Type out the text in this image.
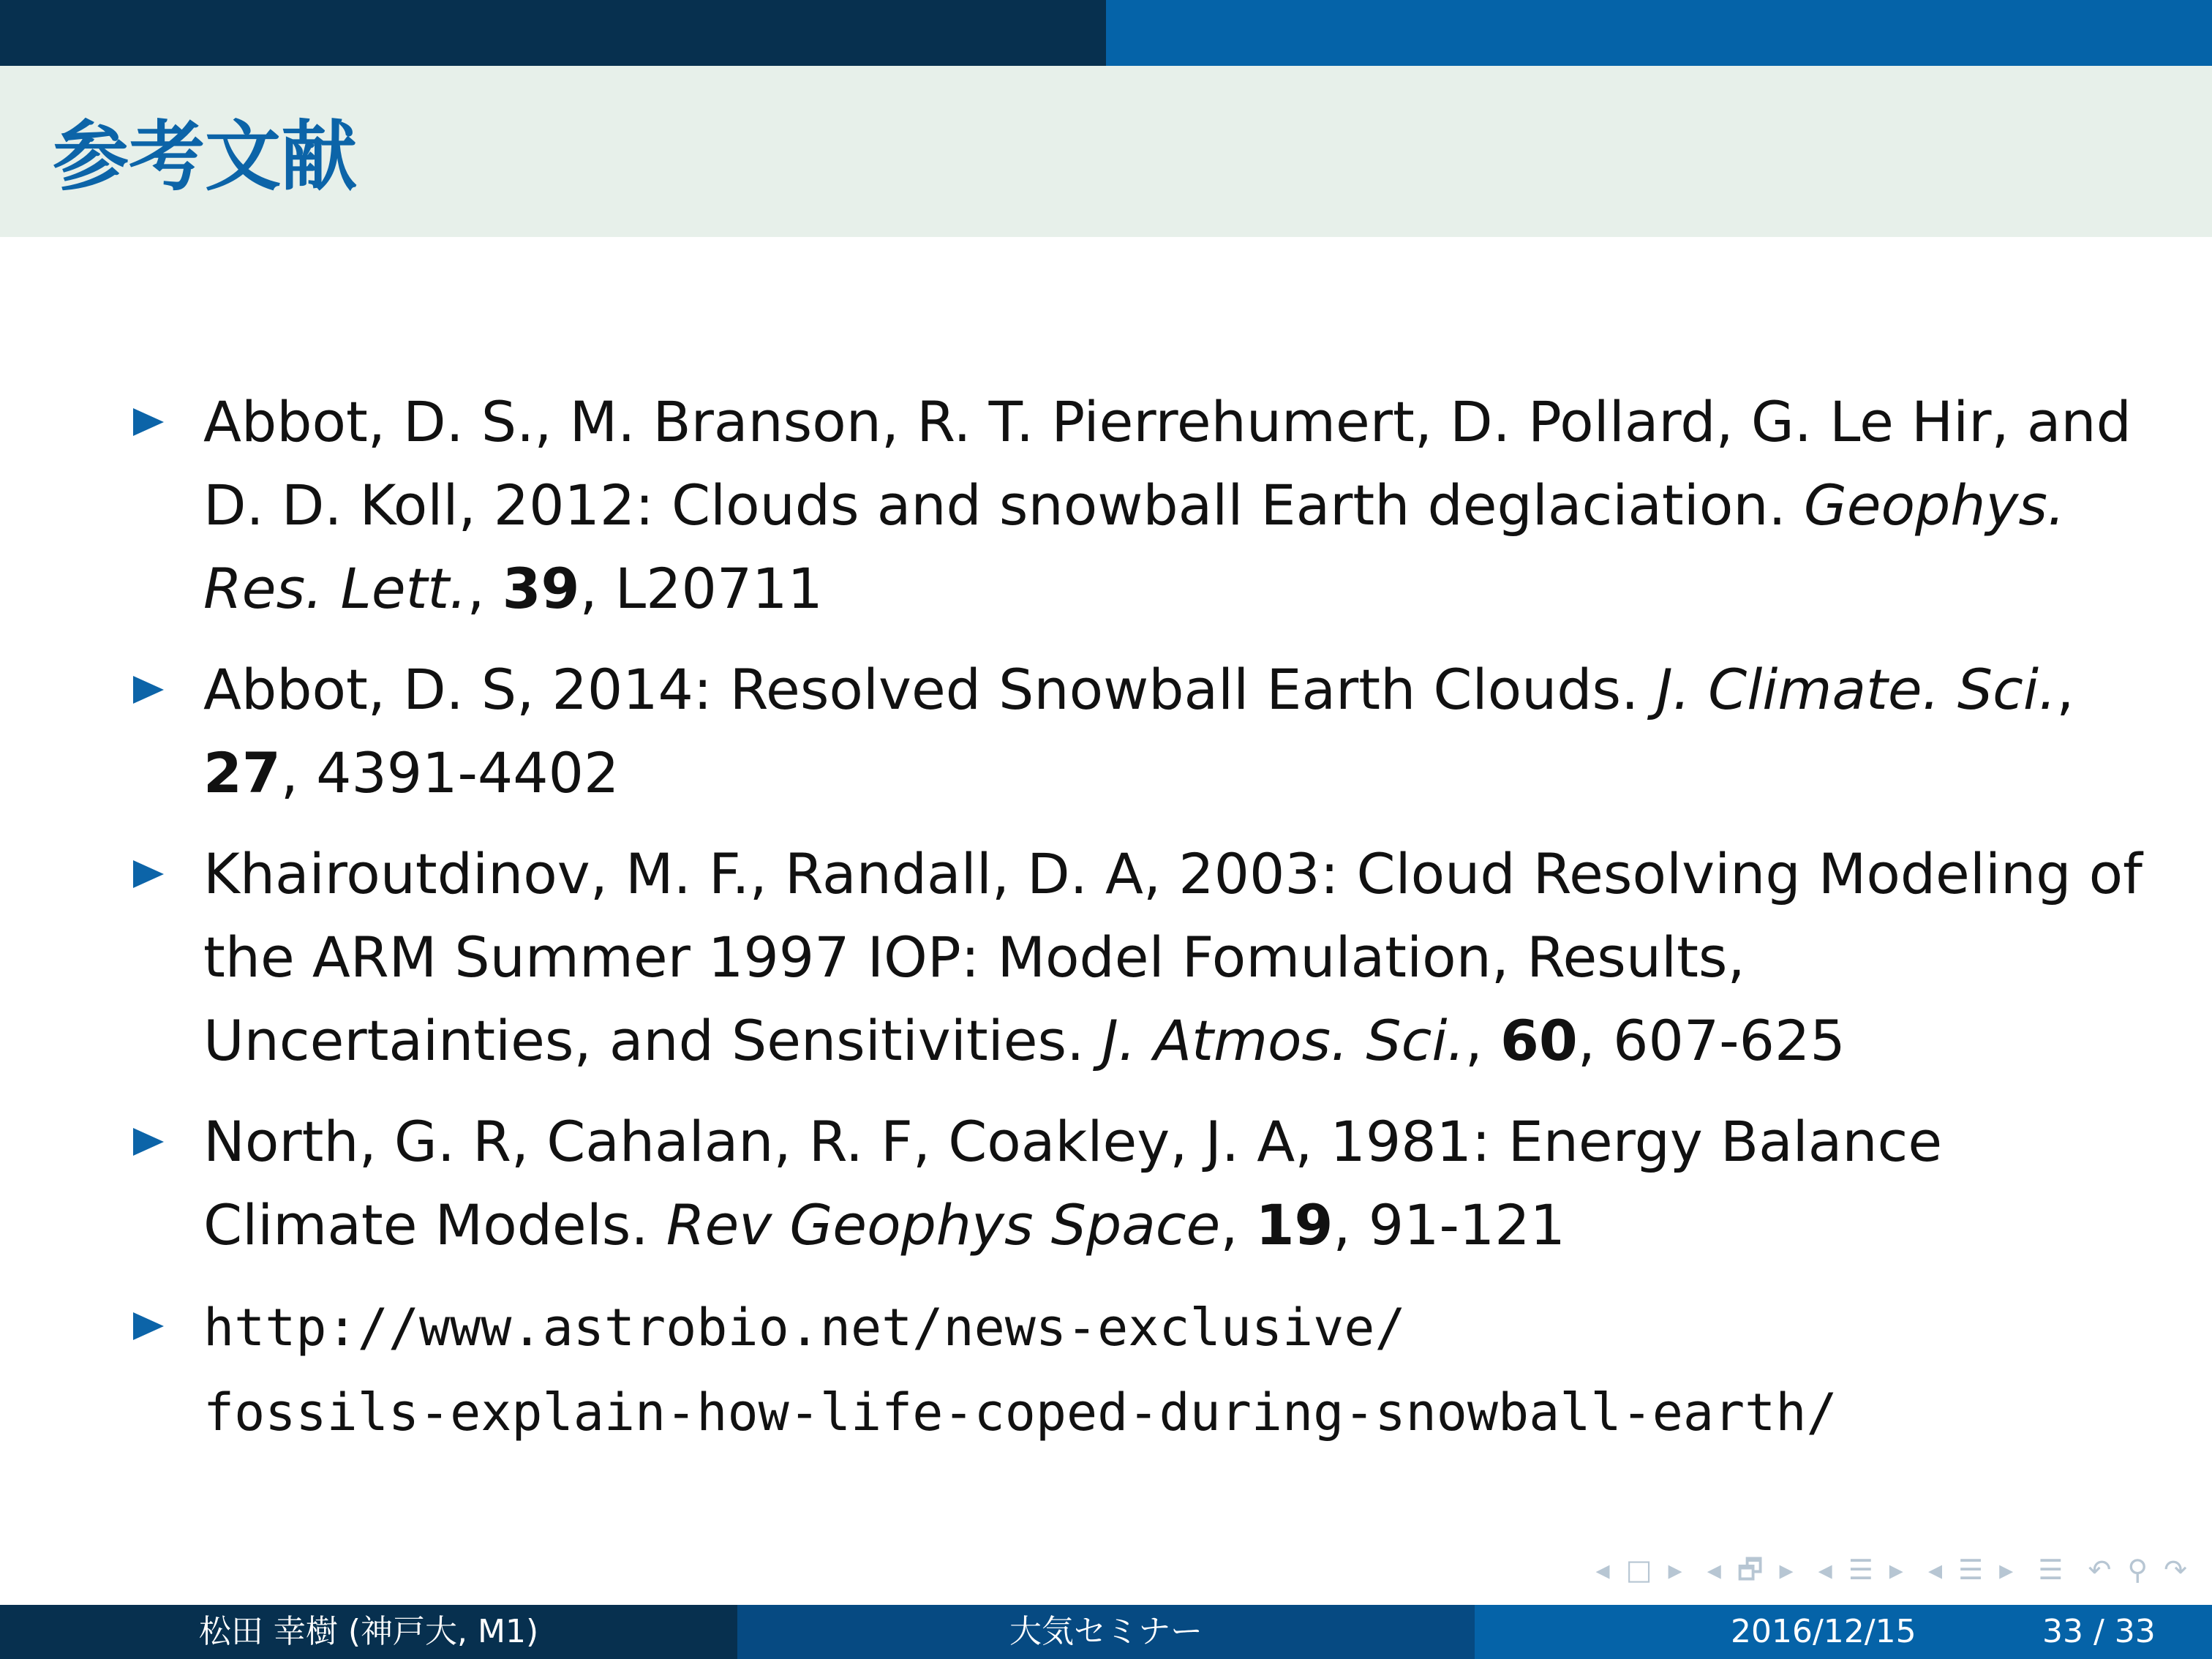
参考文献
Abbot, D. S., M. Branson, R. T. Pierrehumert, D. Pollard, G. Le Hir, and D. D. Koll, 2012: Clouds and snowball Earth deglaciation. Geophys. Res. Lett., 39, L20711
Abbot, D. S, 2014: Resolved Snowball Earth Clouds. J. Climate. Sci., 27, 4391-4402
Khairoutdinov, M. F., Randall, D. A, 2003: Cloud Resolving Modeling of the ARM Summer 1997 IOP: Model Fomulation, Results, Uncertainties, and Sensitivities. J. Atmos. Sci., 60, 607-625
North, G. R, Cahalan, R. F, Coakley, J. A, 1981: Energy Balance Climate Models. Rev Geophys Space, 19, 91-121
http://www.astrobio.net/news-exclusive/
fossils-explain-how-life-coped-during-snowball-earth/
◂ □ ▸ ◂ 🗗 ▸ ◂ ☰ ▸ ◂ ☰ ▸ ☰ ↶ ⚲ ↷
松田 幸樹 (神戸大, M1)	大気セミナー	2016/12/15	33 / 33
